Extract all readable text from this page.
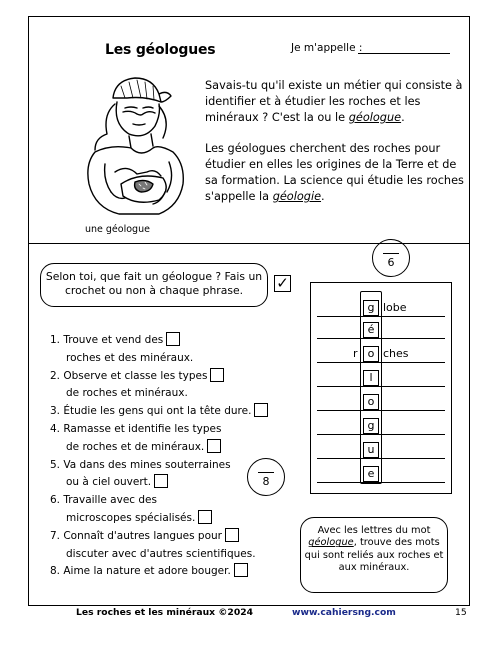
Les géologues	Je m'appelle :
une géologue

Savais-tu qu'il existe un métier qui consiste à identifier et à étudier les roches et les minéraux ? C'est la ou le géologue.

Les géologues cherchent des roches pour étudier en elles les origines de la Terre et de sa formation. La science qui étudie les roches s'appelle la géologie.

6
8
Selon toi, que fait un géologue ? Fais un crochet ou non à chaque phrase.	✓
1. Trouve et vend des
roches et des minéraux.
2. Observe et classe les types
de roches et minéraux.
3. Étudie les gens qui ont la tête dure.
4. Ramasse et identifie les types
de roches et de minéraux.
5. Va dans des mines souterraines
ou à ciel ouvert.
6. Travaille avec des
microscopes spécialisés.
7. Connaît d'autres langues pour
discuter avec d'autres scientifiques.
8. Aime la nature et adore bouger.
g
é
o
l
o
g
u
e
lobe
r ches
Avec les lettres du mot géologue, trouve des mots qui sont reliés aux roches et aux minéraux.
Les roches et les minéraux ©2024	www.cahiersng.com	15
